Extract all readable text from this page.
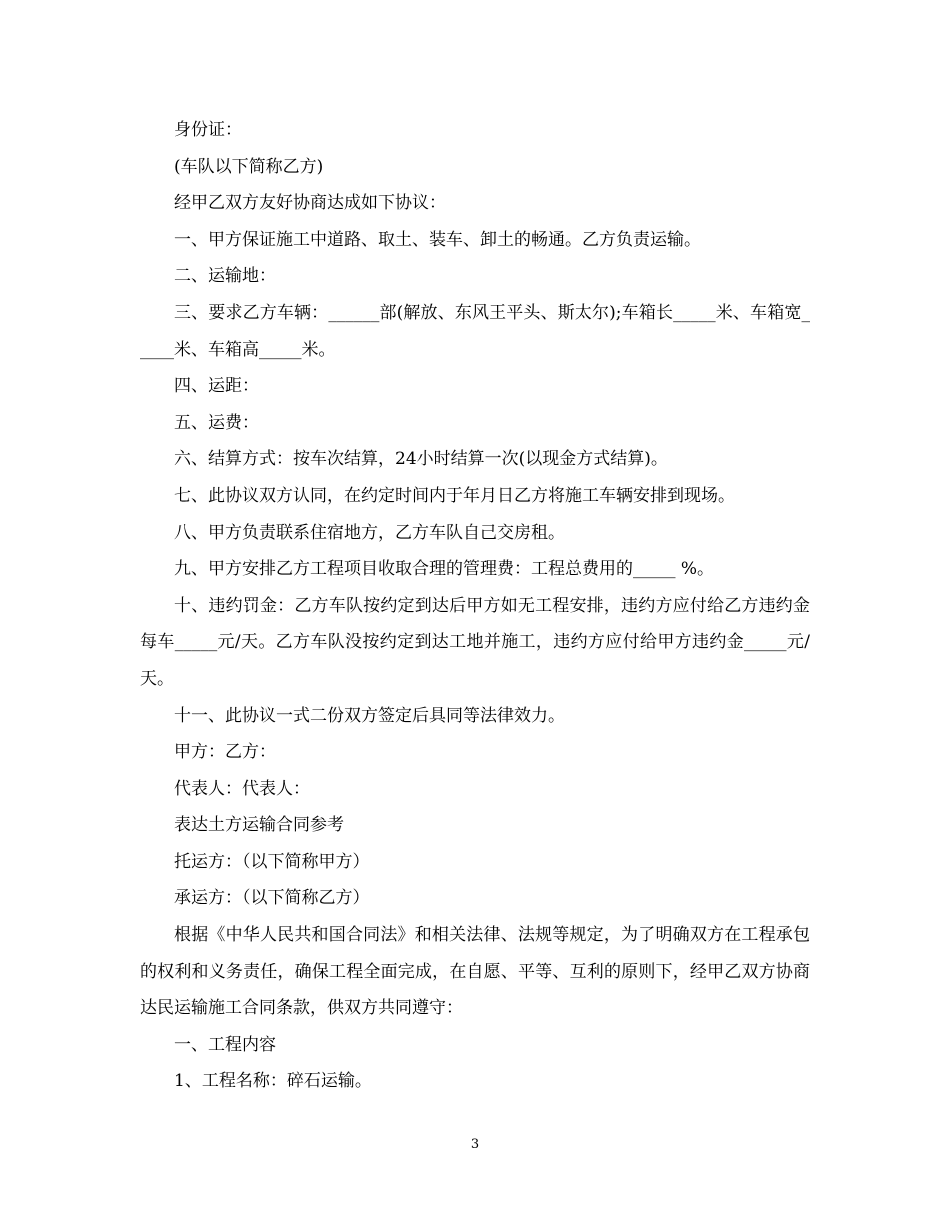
身份证：

(车队以下简称乙方)

经甲乙双方友好协商达成如下协议：

一、甲方保证施工中道路、取土、装车、卸土的畅通。乙方负责运输。

二、运输地：

三、要求乙方车辆：______部(解放、东风王平头、斯太尔);车箱长_____米、车箱宽_____米、车箱高_____米。

四、运距：

五、运费：

六、结算方式：按车次结算，24小时结算一次(以现金方式结算)。

七、此协议双方认同，在约定时间内于年月日乙方将施工车辆安排到现场。

八、甲方负责联系住宿地方，乙方车队自己交房租。

九、甲方安排乙方工程项目收取合理的管理费：工程总费用的_____ %。

十、违约罚金：乙方车队按约定到达后甲方如无工程安排，违约方应付给乙方违约金每车_____元/天。乙方车队没按约定到达工地并施工，违约方应付给甲方违约金_____元/天。

十一、此协议一式二份双方签定后具同等法律效力。

甲方：乙方：

代表人：代表人：

表达土方运输合同参考

托运方：（以下简称甲方）

承运方：（以下简称乙方）

根据《中华人民共和国合同法》和相关法律、法规等规定，为了明确双方在工程承包的权利和义务责任，确保工程全面完成，在自愿、平等、互利的原则下，经甲乙双方协商达民运输施工合同条款，供双方共同遵守：

一、工程内容

1、工程名称：碎石运输。

3
